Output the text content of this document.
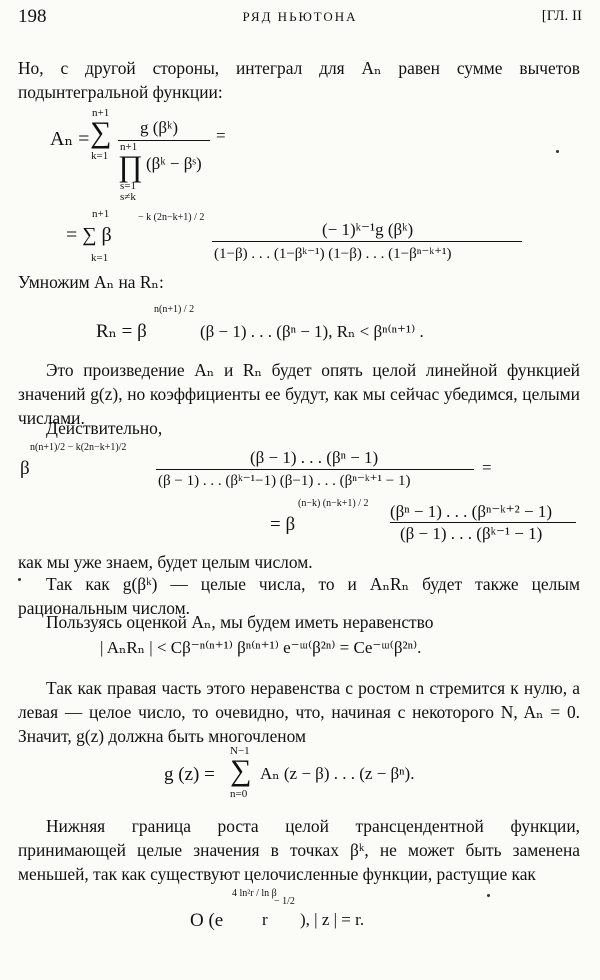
198	РЯД НЬЮТОНА	[ГЛ. II
Но, с другой стороны, интеграл для Aₙ равен сумме вычетов подынтегральной функции:
Aₙ =
n+1
∑
k=1
g (βᵏ)
n+1
∏ (βᵏ − βˢ)
s=1
s≠k
=
n+1
= ∑ β
k=1
− k (2n−k+1) / 2
(− 1)ᵏ⁻¹g (βᵏ)
(1−β) . . . (1−βᵏ⁻¹) (1−β) . . . (1−βⁿ⁻ᵏ⁺¹)
Умножим Aₙ на Rₙ:
Rₙ = β
n(n+1) / 2
(β − 1) . . . (βⁿ − 1), Rₙ < βⁿ⁽ⁿ⁺¹⁾ .
Это произведение Aₙ и Rₙ будет опять целой линейной функцией значений g(z), но коэффициенты ее будут, как мы сейчас убедимся, целыми числами.
Действительно,
β
n(n+1)/2 − k(2n−k+1)/2
(β − 1) . . . (βⁿ − 1)
(β − 1) . . . (βᵏ⁻¹−1) (β−1) . . . (βⁿ⁻ᵏ⁺¹ − 1)
=
= β
(n−k) (n−k+1) / 2 (βⁿ − 1) . . . (βⁿ⁻ᵏ⁺² − 1)
(β − 1) . . . (βᵏ⁻¹ − 1)
как мы уже знаем, будет целым числом.
Так как g(βᵏ) — целые числа, то и AₙRₙ будет также целым рациональным числом.
Пользуясь оценкой Aₙ, мы будем иметь неравенство
| AₙRₙ | < Cβ⁻ⁿ⁽ⁿ⁺¹⁾ βⁿ⁽ⁿ⁺¹⁾ e⁻ᵚ⁽β²ⁿ⁾ = Ce⁻ᵚ⁽β²ⁿ⁾.
Так как правая часть этого неравенства с ростом n стремится к нулю, а левая — целое число, то очевидно, что, начиная с некоторого N, Aₙ = 0. Значит, g(z) должна быть многочленом
g (z) =
N−1
∑
n=0
Aₙ (z − β) . . . (z − βⁿ).
Нижняя граница роста целой трансцендентной функции, принимающей целые значения в точках βᵏ, не может быть заменена меньшей, так как существуют целочисленные функции, растущие как
O (e
4 ln²r / ln β
r
− 1/2
), | z | = r.
